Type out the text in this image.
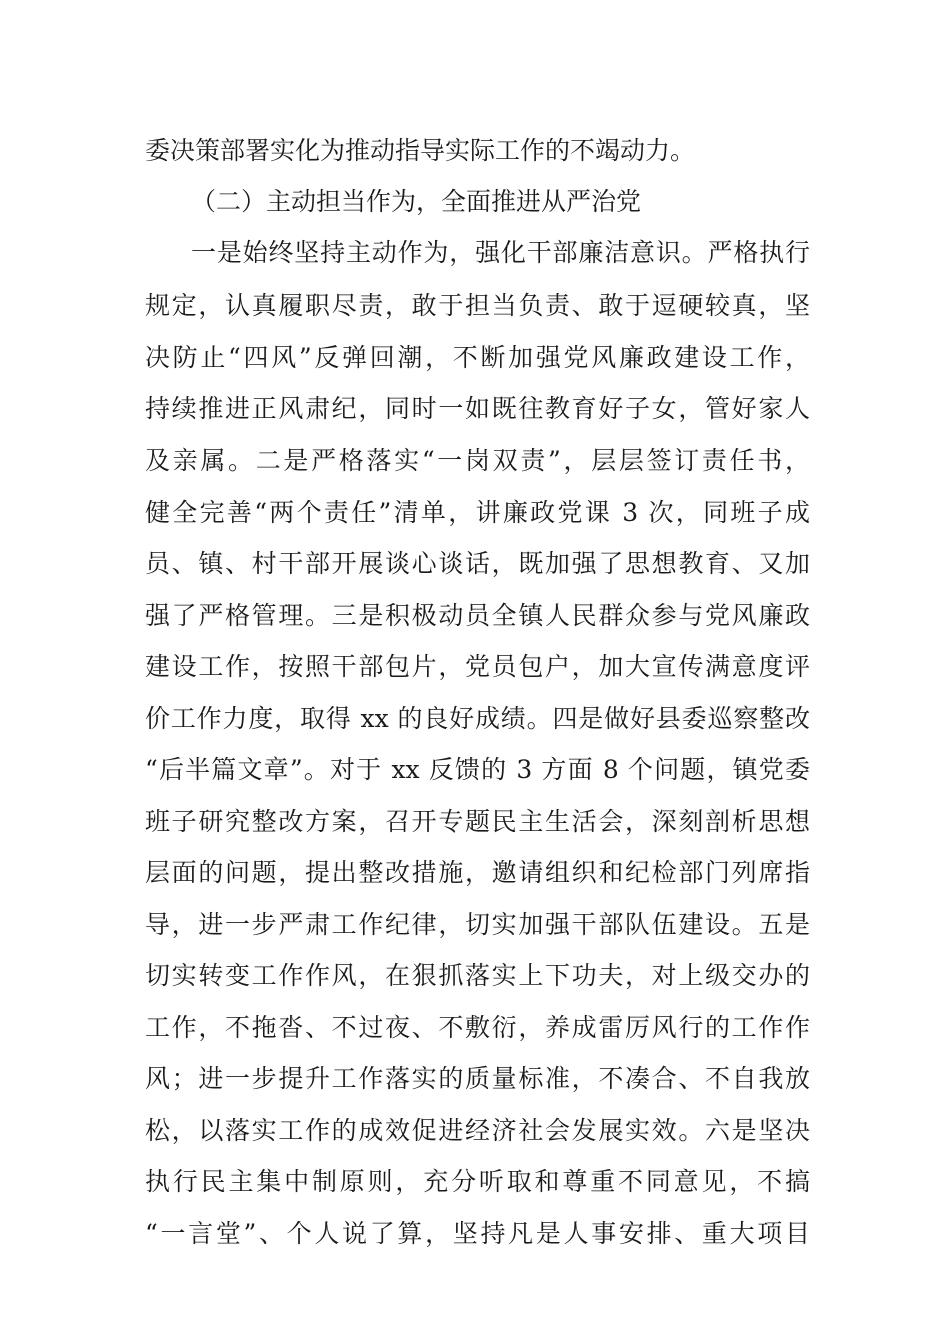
委决策部署实化为推动指导实际工作的不竭动力。
（二）主动担当作为，全面推进从严治党
一是始终坚持主动作为，强化干部廉洁意识。严格执行
规定，认真履职尽责，敢于担当负责、敢于逗硬较真，坚
决防止“四风”反弹回潮，不断加强党风廉政建设工作，
持续推进正风肃纪，同时一如既往教育好子女，管好家人
及亲属。二是严格落实“一岗双责”，层层签订责任书，
健全完善“两个责任”清单，讲廉政党课 3 次，同班子成
员、镇、村干部开展谈心谈话，既加强了思想教育、又加
强了严格管理。三是积极动员全镇人民群众参与党风廉政
建设工作，按照干部包片，党员包户，加大宣传满意度评
价工作力度，取得 xx 的良好成绩。四是做好县委巡察整改
“后半篇文章”。对于 xx 反馈的 3 方面 8 个问题，镇党委
班子研究整改方案，召开专题民主生活会，深刻剖析思想
层面的问题，提出整改措施，邀请组织和纪检部门列席指
导，进一步严肃工作纪律，切实加强干部队伍建设。五是
切实转变工作作风，在狠抓落实上下功夫，对上级交办的
工作，不拖沓、不过夜、不敷衍，养成雷厉风行的工作作
风；进一步提升工作落实的质量标准，不凑合、不自我放
松，以落实工作的成效促进经济社会发展实效。六是坚决
执行民主集中制原则，充分听取和尊重不同意见，不搞
“一言堂”、个人说了算，坚持凡是人事安排、重大项目
